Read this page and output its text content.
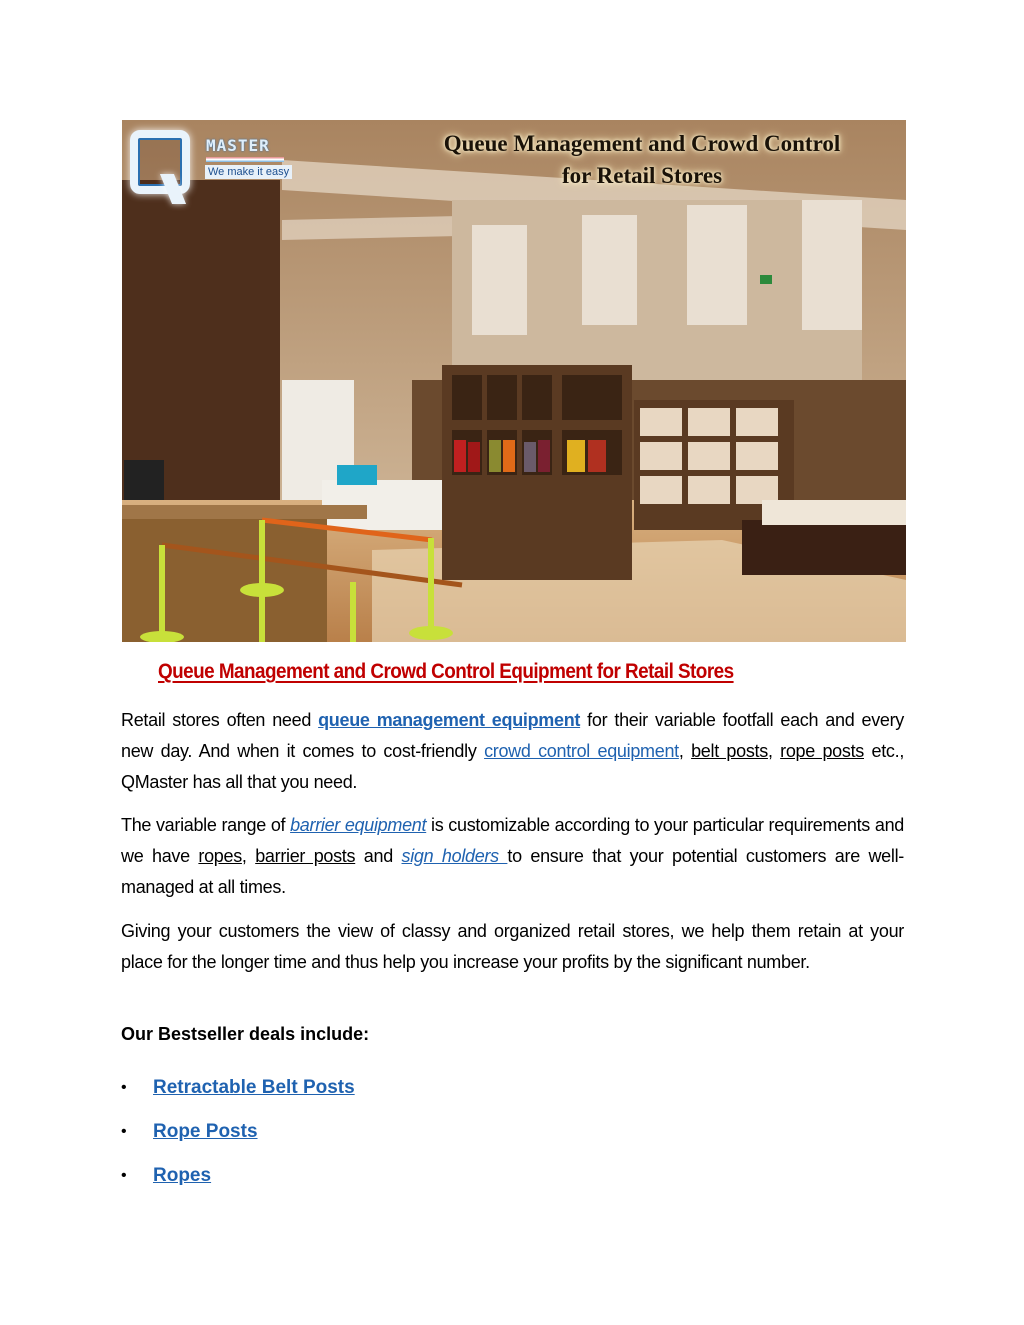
MASTER
We make it easy
Queue Management and Crowd Control
for Retail Stores
Queue Management and Crowd Control Equipment for Retail Stores
Retail stores often need queue management equipment for their variable footfall each and every new day. And when it comes to cost-friendly crowd control equipment, belt posts, rope posts etc., QMaster has all that you need.
The variable range of barrier equipment is customizable according to your particular requirements and we have ropes, barrier posts and sign holders to ensure that your potential customers are well-managed at all times.
Giving your customers the view of classy and organized retail stores, we help them retain at your place for the longer time and thus help you increase your profits by the significant number.
Our Bestseller deals include:
•	Retractable Belt Posts
•	Rope Posts
•	Ropes
